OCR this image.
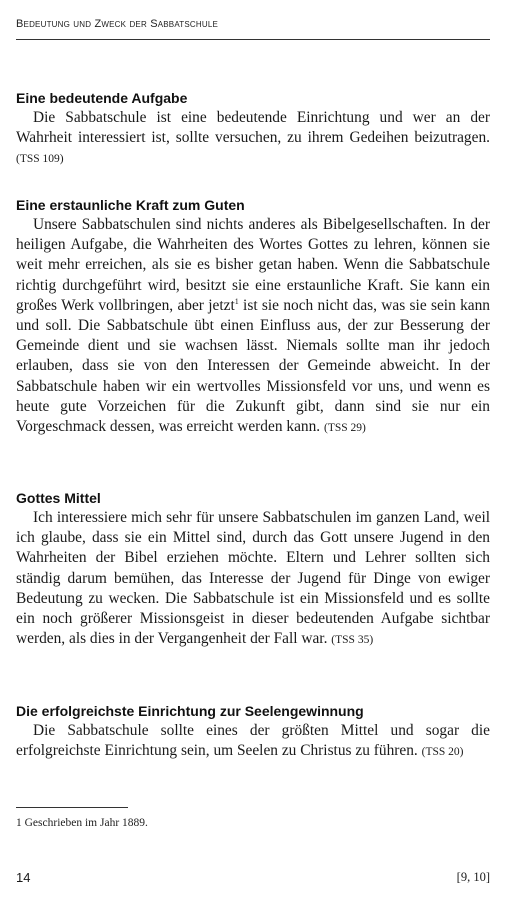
Bedeutung und Zweck der Sabbatschule
Eine bedeutende Aufgabe

Die Sabbatschule ist eine bedeutende Einrichtung und wer an der Wahrheit interessiert ist, sollte versuchen, zu ihrem Gedeihen beizutragen. (TSS 109)

Eine erstaunliche Kraft zum Guten

Unsere Sabbatschulen sind nichts anderes als Bibelgesellschaften. In der heiligen Aufgabe, die Wahrheiten des Wortes Gottes zu lehren, können sie weit mehr erreichen, als sie es bisher getan haben. Wenn die Sabbatschule richtig durchgeführt wird, besitzt sie eine erstaunliche Kraft. Sie kann ein großes Werk vollbringen, aber jetzt$^1$ ist sie noch nicht das, was sie sein kann und soll. Die Sabbatschule übt einen Einfluss aus, der zur Besserung der Gemeinde dient und sie wachsen lässt. Niemals sollte man ihr jedoch erlauben, dass sie von den Interessen der Gemeinde abweicht. In der Sabbatschule haben wir ein wertvolles Missionsfeld vor uns, und wenn es heute gute Vorzeichen für die Zukunft gibt, dann sind sie nur ein Vorgeschmack dessen, was erreicht werden kann. (TSS 29)

Gottes Mittel

Ich interessiere mich sehr für unsere Sabbatschulen im ganzen Land, weil ich glaube, dass sie ein Mittel sind, durch das Gott unsere Jugend in den Wahrheiten der Bibel erziehen möchte. Eltern und Lehrer sollten sich ständig darum bemühen, das Interesse der Jugend für Dinge von ewiger Bedeutung zu wecken. Die Sabbatschule ist ein Missionsfeld und es sollte ein noch größerer Missionsgeist in dieser bedeutenden Aufgabe sichtbar werden, als dies in der Vergangenheit der Fall war. (TSS 35)

Die erfolgreichste Einrichtung zur Seelengewinnung

Die Sabbatschule sollte eines der größten Mittel und sogar die erfolgreichste Einrichtung sein, um Seelen zu Christus zu führen. (TSS 20)

1 Geschrieben im Jahr 1889.
14	[9, 10]
